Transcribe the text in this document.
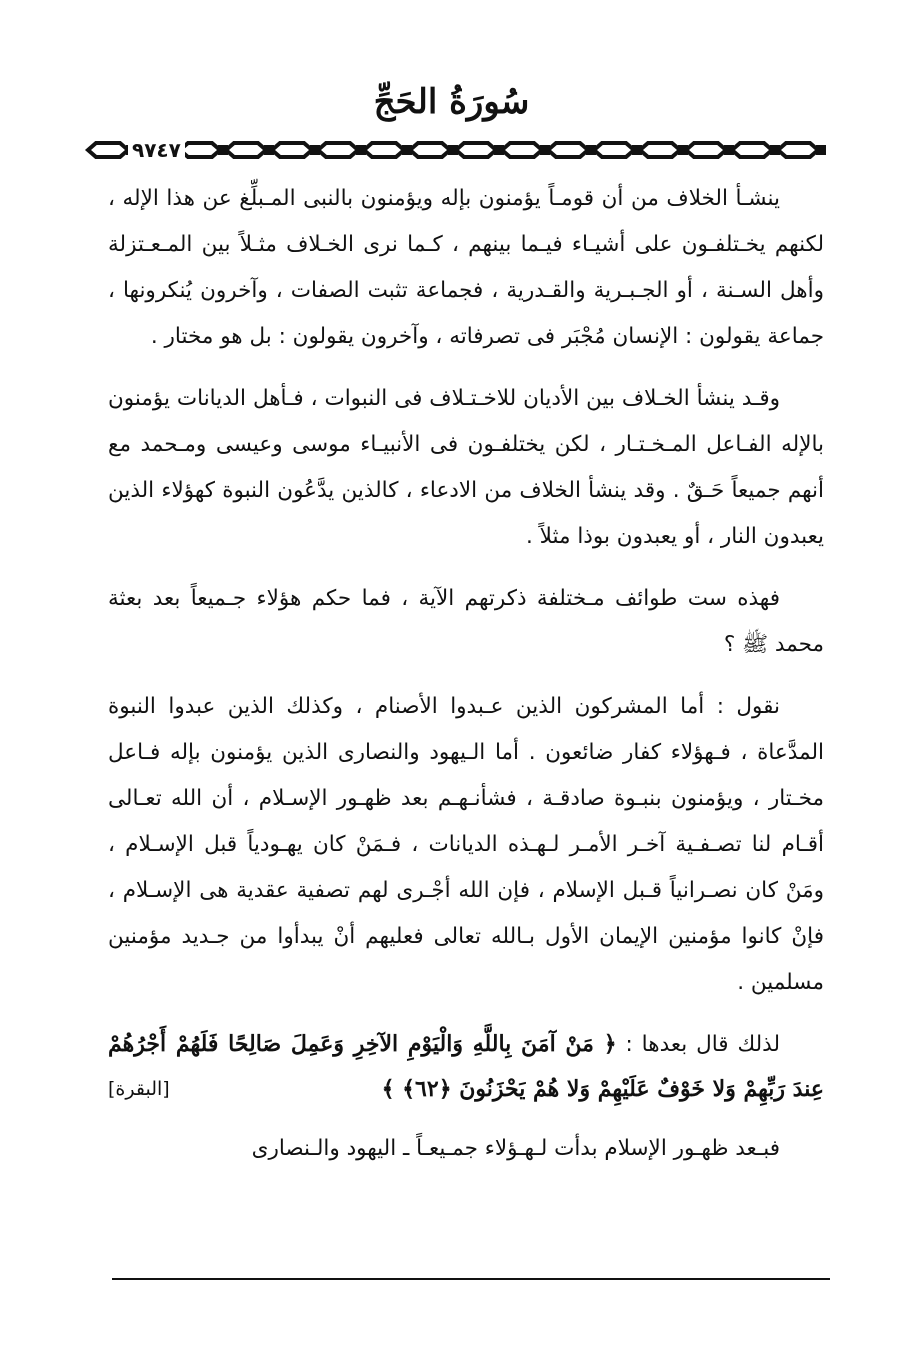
سُورَةُ الحَجِّ
٩٧٤٧

ينشـأ الخلاف من أن قومـاً يؤمنون بإله ويؤمنون بالنبى المـبلِّغ عن هذا الإله ، لكنهم يخـتلفـون على أشيـاء فيـما بينهم ، كـما نرى الخـلاف مثـلاً بين المـعـتزلة وأهل السـنة ، أو الجـبـرية والقـدرية ، فجماعة تثبت الصفات ، وآخرون يُنكرونها ، جماعة يقولون : الإنسان مُجْبَر فى تصرفاته ، وآخرون يقولون : بل هو مختار .

وقـد ينشأ الخـلاف بين الأديان للاخـتـلاف فى النبوات ، فـأهل الديانات يؤمنون بالإله الفـاعل المـخـتـار ، لكن يختلفـون فى الأنبيـاء موسى وعيسى ومـحمد مع أنهم جميعاً حَـقٌ . وقد ينشأ الخلاف من الادعاء ، كالذين يدَّعُون النبوة كهؤلاء الذين يعبدون النار ، أو يعبدون بوذا مثلاً .

فهذه ست طوائف مـختلفة ذكرتهم الآية ، فما حكم هؤلاء جـميعاً بعد بعثة محمد ﷺ ؟

نقول : أما المشركون الذين عـبدوا الأصنام ، وكذلك الذين عبدوا النبوة المدَّعاة ، فـهؤلاء كفار ضائعون . أما الـيهود والنصارى الذين يؤمنون بإله فـاعل مخـتار ، ويؤمنون بنبـوة صادقـة ، فشأنـهـم بعد ظهـور الإسـلام ، أن الله تعـالى أقـام لنا تصـفـية آخـر الأمـر لـهـذه الديانات ، فـمَنْ كان يهـودياً قبل الإسـلام ، ومَنْ كان نصـرانياً قـبل الإسلام ، فإن الله أجْـرى لهم تصفية عقدية هى الإسـلام ، فإنْ كانوا مؤمنين الإيمان الأول بـالله تعالى فعليهم أنْ يبدأوا من جـديد مؤمنين مسلمين .

لذلك قال بعدها : ﴿ مَنْ آمَنَ بِاللَّهِ وَالْيَوْمِ الآخِرِ وَعَمِلَ صَالِحًا فَلَهُمْ أَجْرُهُمْ عِندَ رَبِّهِمْ وَلا خَوْفٌ عَلَيْهِمْ وَلا هُمْ يَحْزَنُونَ ﴿٦٢﴾ ﴾
[البقرة]

فبـعد ظهـور الإسلام بدأت لـهـؤلاء جمـيعـاً ـ اليهود والـنصارى
